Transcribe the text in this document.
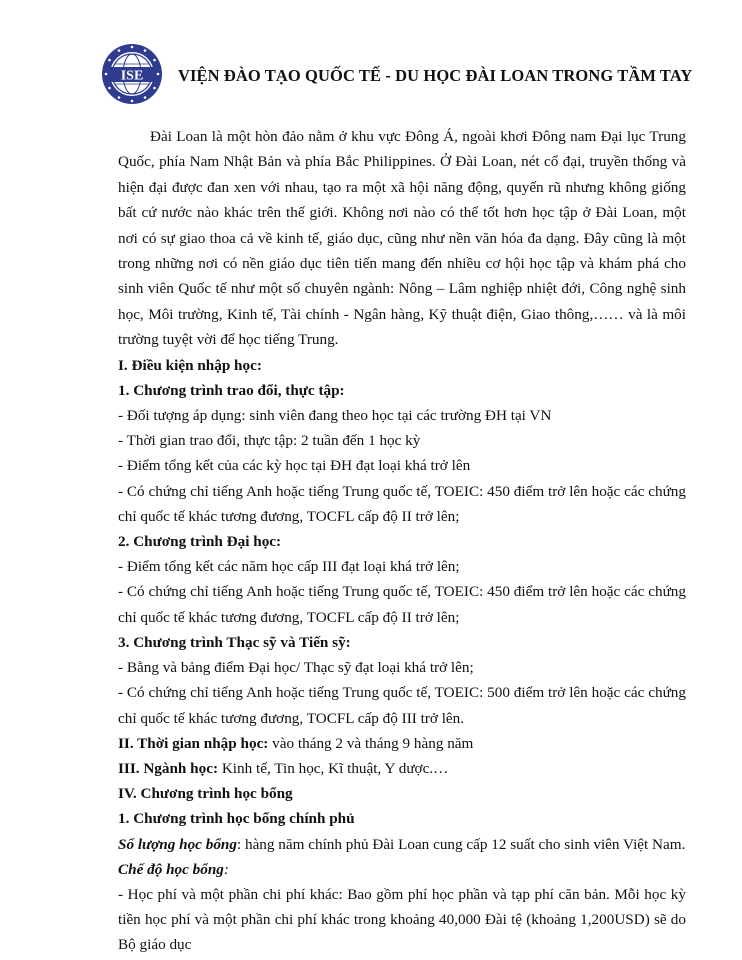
ISE VIỆN ĐÀO TẠO QUỐC TẾ - DU HỌC ĐÀI LOAN TRONG TẦM TAY

Đài Loan là một hòn đảo nằm ở khu vực Đông Á, ngoài khơi Đông nam Đại lục Trung Quốc, phía Nam Nhật Bản và phía Bắc Philippines. Ở Đài Loan, nét cổ đại, truyền thống và hiện đại được đan xen với nhau, tạo ra một xã hội năng động, quyến rũ nhưng không giống bất cứ nước nào khác trên thế giới. Không nơi nào có thể tốt hơn học tập ở Đài Loan, một nơi có sự giao thoa cả về kinh tế, giáo dục, cũng như nền văn hóa đa dạng. Đây cũng là một trong những nơi có nền giáo dục tiên tiến mang đến nhiều cơ hội học tập và khám phá cho sinh viên Quốc tế như một số chuyên ngành: Nông – Lâm nghiệp nhiệt đới, Công nghệ sinh học, Môi trường, Kinh tế, Tài chính - Ngân hàng, Kỹ thuật điện, Giao thông,…… và là môi trường tuyệt vời để học tiếng Trung.

I. Điều kiện nhập học:
1. Chương trình trao đổi, thực tập:
- Đối tượng áp dụng: sinh viên đang theo học tại các trường ĐH tại VN
- Thời gian trao đổi, thực tập: 2 tuần đến 1 học kỳ
- Điểm tổng kết của các kỳ học tại ĐH đạt loại khá trở lên

- Có chứng chỉ tiếng Anh hoặc tiếng Trung quốc tế, TOEIC: 450 điểm trở lên hoặc các chứng chỉ quốc tế khác tương đương, TOCFL cấp độ II trở lên;

2. Chương trình Đại học:
- Điểm tổng kết các năm học cấp III đạt loại khá trở lên;

- Có chứng chỉ tiếng Anh hoặc tiếng Trung quốc tế, TOEIC: 450 điểm trở lên hoặc các chứng chỉ quốc tế khác tương đương, TOCFL cấp độ II trở lên;

3. Chương trình Thạc sỹ và Tiến sỹ:
- Bằng và bảng điểm Đại học/ Thạc sỹ đạt loại khá trở lên;

- Có chứng chỉ tiếng Anh hoặc tiếng Trung quốc tế, TOEIC: 500 điểm trở lên hoặc các chứng chỉ quốc tế khác tương đương, TOCFL cấp độ III trở lên.

II. Thời gian nhập học: vào tháng 2 và tháng 9 hàng năm
III. Ngành học: Kinh tế, Tin học, Kĩ thuật, Y dược.…
IV. Chương trình học bổng
1. Chương trình học bổng chính phủ
Số lượng học bổng: hàng năm chính phủ Đài Loan cung cấp 12 suất cho sinh viên Việt Nam.
Chế độ học bổng:

- Học phí và một phần chi phí khác: Bao gồm phí học phần và tạp phí căn bản. Mỗi học kỳ tiền học phí và một phần chi phí khác trong khoảng 40,000 Đài tệ (khoảng 1,200USD) sẽ do Bộ giáo dục
